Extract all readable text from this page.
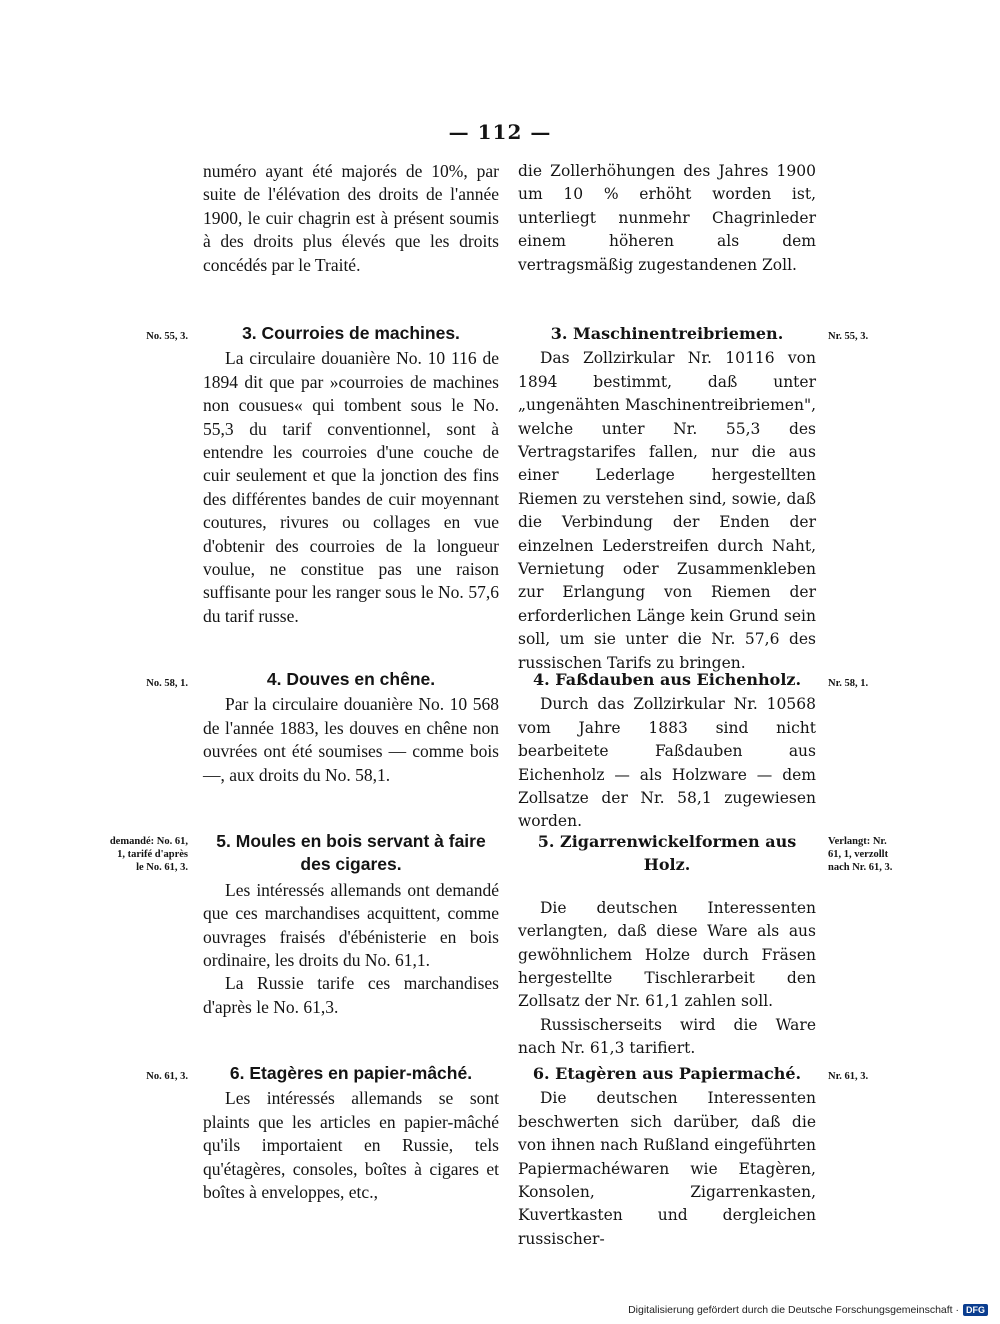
— 112 —

numéro ayant été majorés de 10%, par suite de l'élévation des droits de l'année 1900, le cuir chagrin est à présent soumis à des droits plus élevés que les droits concédés par le Traité.

die Zollerhöhungen des Jahres 1900 um 10 % erhöht worden ist, unterliegt nunmehr Chagrinleder einem höheren als dem vertragsmäßig zugestandenen Zoll.

No. 55, 3.	3. Courroies de machines.

La circulaire douanière No. 10 116 de 1894 dit que par »courroies de machines non cousues« qui tombent sous le No. 55,3 du tarif conventionnel, sont à entendre les courroies d'une couche de cuir seulement et que la jonction des fins des différentes bandes de cuir moyennant coutures, rivures ou collages en vue d'obtenir des courroies de la longueur voulue, ne constitue pas une raison suffisante pour les ranger sous le No. 57,6 du tarif russe.

3. Maschinentreibriemen.

Das Zollzirkular Nr. 10116 von 1894 bestimmt, daß unter „ungenähten Maschinentreibriemen", welche unter Nr. 55,3 des Vertragstarifes fallen, nur die aus einer Lederlage hergestellten Riemen zu verstehen sind, sowie, daß die Verbindung der Enden der einzelnen Lederstreifen durch Naht, Vernietung oder Zusammenkleben zur Erlangung von Riemen der erforderlichen Länge kein Grund sein soll, um sie unter die Nr. 57,6 des russischen Tarifs zu bringen.

Nr. 55, 3.
No. 58, 1.	4. Douves en chêne.

Par la circulaire douanière No. 10 568 de l'année 1883, les douves en chêne non ouvrées ont été soumises — comme bois —, aux droits du No. 58,1.

4. Faßdauben aus Eichenholz.

Durch das Zollzirkular Nr. 10568 vom Jahre 1883 sind nicht bearbeitete Faßdauben aus Eichenholz — als Holzware — dem Zollsatze der Nr. 58,1 zugewiesen worden.

Nr. 58, 1.
demandé: No. 61, 1, tarifé d'après le No. 61, 3.
5. Moules en bois servant à faire des cigares.

Les intéressés allemands ont demandé que ces marchandises acquittent, comme ouvrages fraisés d'ébénisterie en bois ordinaire, les droits du No. 61,1.

La Russie tarife ces marchandises d'après le No. 61,3.

5. Zigarrenwickelformen aus Holz.

Die deutschen Interessenten verlangten, daß diese Ware als aus gewöhnlichem Holze durch Fräsen hergestellte Tischlerarbeit den Zollsatz der Nr. 61,1 zahlen soll.

Russischerseits wird die Ware nach Nr. 61,3 tarifiert.

Verlangt: Nr. 61, 1, verzollt nach Nr. 61, 3.
No. 61, 3.	6. Etagères en papier-mâché.

Les intéressés allemands se sont plaints que les articles en papier-mâché qu'ils importaient en Russie, tels qu'étagères, consoles, boîtes à cigares et boîtes à enveloppes, etc.,

6. Etagèren aus Papiermaché.

Die deutschen Interessenten beschwerten sich darüber, daß die von ihnen nach Rußland eingeführten Papiermachéwaren wie Etagèren, Konsolen, Zigarrenkasten, Kuvertkasten und dergleichen russischer-

Nr. 61, 3.
Digitalisierung gefördert durch die Deutsche Forschungsgemeinschaft · DFG
